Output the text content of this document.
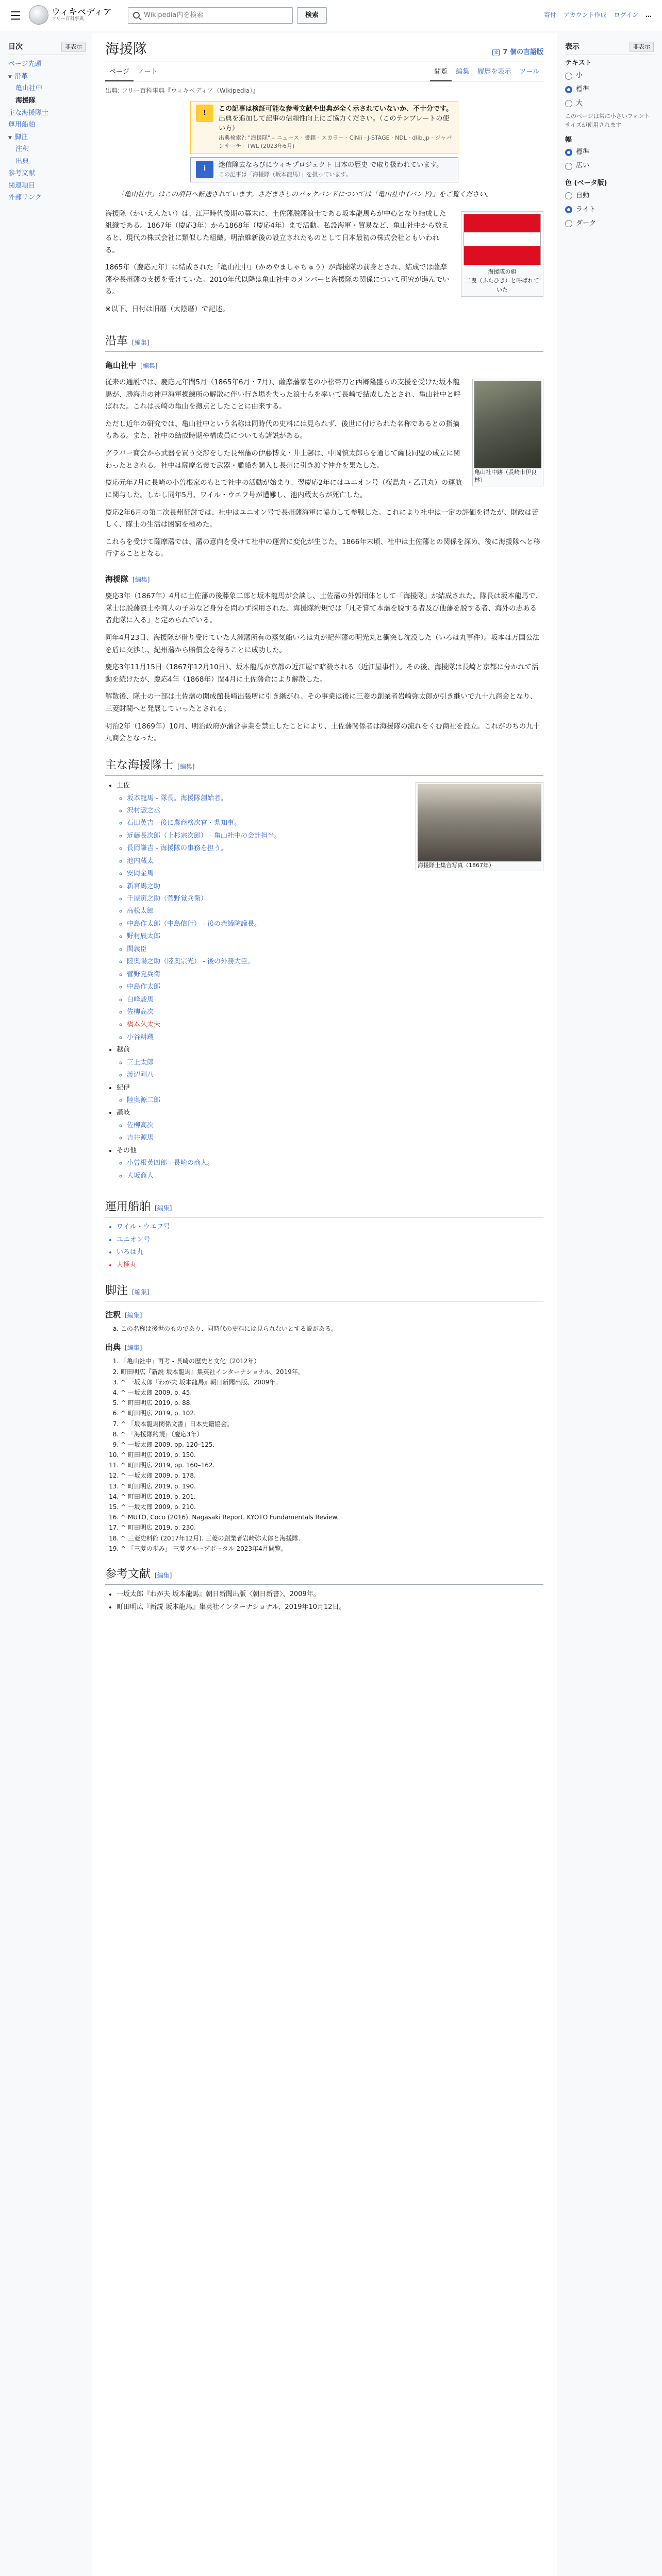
ウィキペディア
フリー百科事典
Wikipedia内を検索	検索	寄付 アカウント作成 ログイン …
目次	非表示
ページ先頭
▼ 沿革
亀山社中
海援隊
主な海援隊士
運用船舶
▼ 脚注
注釈
出典
参考文献
関連項目
外部リンク
表示	非表示
テキスト
小
標準
大
このページは常に小さいフォントサイズが使用されます
幅
標準
広い
色 (ベータ版)
自動
ライト
ダーク
海援隊	文 7 個の言語版
ページ	ノート	閲覧	編集	履歴を表示	ツール
出典: フリー百科事典『ウィキペディア（Wikipedia）』
!
この記事は検証可能な参考文献や出典が全く示されていないか、不十分です。
出典を追加して記事の信頼性向上にご協力ください。（このテンプレートの使い方）
出典検索?: "海援隊" – ニュース · 書籍 · スカラー · CiNii · J-STAGE · NDL · dlib.jp · ジャパンサーチ · TWL (2023年6月)
i
迷信除去ならびにウィキプロジェクト 日本の歴史 で取り扱われています。
この記事は「海援隊（坂本龍馬）」を扱っています。
「亀山社中」はこの項目へ転送されています。さだまさしのバックバンドについては「亀山社中 (バンド)」をご覧ください。
海援隊の旗
二曳（ふたひき）と呼ばれていた

海援隊（かいえんたい）は、江戸時代後期の幕末に、土佐藩脱藩浪士である坂本龍馬らが中心となり結成した組織である。1867年（慶応3年）から1868年（慶応4年）まで活動。私設海軍・貿易など、亀山社中から数えると、現代の株式会社に類似した組織。明治維新後の設立されたものとして日本最初の株式会社ともいわれる。

1865年（慶応元年）に結成された「亀山社中」（かめやましゃちゅう）が海援隊の前身とされ、結成では薩摩藩や長州藩の支援を受けていた。2010年代以降は亀山社中のメンバーと海援隊の関係について研究が進んでいる。

※以下、日付は旧暦（太陰暦）で記述。

沿革 [編集]
亀山社中 [編集]
亀山社中跡（長崎市伊良林）

従来の通説では、慶応元年閏5月（1865年6月・7月）、薩摩藩家老の小松帯刀と西郷隆盛らの支援を受けた坂本龍馬が、勝海舟の神戸海軍操練所の解散に伴い行き場を失った浪士らを率いて長崎で結成したとされ、亀山社中と呼ばれた。これは長崎の亀山を拠点としたことに由来する。

ただし近年の研究では、亀山社中という名称は同時代の史料には見られず、後世に付けられた名称であるとの指摘もある。また、社中の結成時期や構成員についても諸説がある。

グラバー商会から武器を買う交渉をした長州藩の伊藤博文・井上馨は、中岡慎太郎らを通じて薩長同盟の成立に関わったとされる。社中は薩摩名義で武器・艦船を購入し長州に引き渡す仲介を果たした。

慶応元年7月に長崎の小曽根家のもとで社中の活動が始まり、翌慶応2年にはユニオン号（桜島丸・乙丑丸）の運航に関与した。しかし同年5月、ワイル・ウエフ号が遭難し、池内蔵太らが死亡した。

慶応2年6月の第二次長州征討では、社中はユニオン号で長州藩海軍に協力して参戦した。これにより社中は一定の評価を得たが、財政は苦しく、隊士の生活は困窮を極めた。

これらを受けて薩摩藩では、藩の意向を受けて社中の運営に変化が生じた。1866年末頃、社中は土佐藩との関係を深め、後に海援隊へと移行することとなる。

海援隊 [編集]

慶応3年（1867年）4月に土佐藩の後藤象二郎と坂本龍馬が会談し、土佐藩の外郭団体として「海援隊」が結成された。隊長は坂本龍馬で、隊士は脱藩浪士や商人の子弟など身分を問わず採用された。海援隊約規では「凡そ嘗て本藩を脱する者及び他藩を脱する者、海外の志ある者此隊に入る」と定められている。

同年4月23日、海援隊が借り受けていた大洲藩所有の蒸気船いろは丸が紀州藩の明光丸と衝突し沈没した（いろは丸事件）。坂本は万国公法を盾に交渉し、紀州藩から賠償金を得ることに成功した。

慶応3年11月15日（1867年12月10日）、坂本龍馬が京都の近江屋で暗殺される（近江屋事件）。その後、海援隊は長崎と京都に分かれて活動を続けたが、慶応4年（1868年）閏4月に土佐藩命により解散した。

解散後、隊士の一部は土佐藩の開成館長崎出張所に引き継がれ、その事業は後に三菱の創業者岩崎弥太郎が引き継いで九十九商会となり、三菱財閥へと発展していったとされる。

明治2年（1869年）10月、明治政府が藩営事業を禁止したことにより、土佐藩関係者は海援隊の流れをくむ商社を設立。これがのちの九十九商会となった。

主な海援隊士 [編集]
海援隊士集合写真（1867年）
• 土佐
◦ 坂本龍馬 - 隊長。海援隊創始者。
◦ 沢村惣之丞
◦ 石田英吉 - 後に農商務次官・県知事。
◦ 近藤長次郎（上杉宗次郎） - 亀山社中の会計担当。
◦ 長岡謙吉 - 海援隊の事務を担う。
◦ 池内蔵太
◦ 安岡金馬
◦ 新宮馬之助
◦ 千屋寅之助（菅野覚兵衛）
◦ 高松太郎
◦ 中島作太郎（中島信行） - 後の衆議院議長。
◦ 野村辰太郎
◦ 関義臣
◦ 陸奥陽之助（陸奥宗光） - 後の外務大臣。
◦ 菅野覚兵衛
◦ 中島作太郎
◦ 白峰駿馬
◦ 佐柳高次
◦ 橋本久太夫
◦ 小谷耕蔵
• 越前
◦ 三上太郎
◦ 渡辺剛八
• 紀伊
◦ 陸奥源二郎
• 讃岐
◦ 佐柳高次
◦ 吉井源馬
• その他
◦ 小曽根英四郎 - 長崎の商人。
◦ 大坂商人
運用船舶 [編集]
• ワイル・ウエフ号
• ユニオン号
• いろは丸
• 大極丸
脚注 [編集]
注釈 [編集]
a. この名称は後世のものであり、同時代の史料には見られないとする説がある。
出典 [編集]
1. 「亀山社中」再考 - 長崎の歴史と文化（2012年）
2. 町田明広『新説 坂本龍馬』集英社インターナショナル、2019年。
3. ^ 一坂太郎『わが夫 坂本龍馬』朝日新聞出版、2009年。
4. ^ 一坂太郎 2009, p. 45.
5. ^ 町田明広 2019, p. 88.
6. ^ 町田明広 2019, p. 102.
7. ^ 「坂本龍馬関係文書」日本史籍協会。
8. ^ 「海援隊約規」（慶応3年）
9. ^ 一坂太郎 2009, pp. 120–125.
10. ^ 町田明広 2019, p. 150.
11. ^ 町田明広 2019, pp. 160–162.
12. ^ 一坂太郎 2009, p. 178.
13. ^ 町田明広 2019, p. 190.
14. ^ 町田明広 2019, p. 201.
15. ^ 一坂太郎 2009, p. 210.
16. ^ MUTO, Coco (2016). Nagasaki Report. KYOTO Fundamentals Review.
17. ^ 町田明広 2019, p. 230.
18. ^ 三菱史料館 (2017年12月). 三菱の創業者岩崎弥太郎と海援隊.
19. ^ 「三菱の歩み」 三菱グループポータル 2023年4月閲覧。
参考文献 [編集]
• 一坂太郎『わが夫 坂本龍馬』朝日新聞出版〈朝日新書〉、2009年。
• 町田明広『新説 坂本龍馬』集英社インターナショナル、2019年10月12日。
